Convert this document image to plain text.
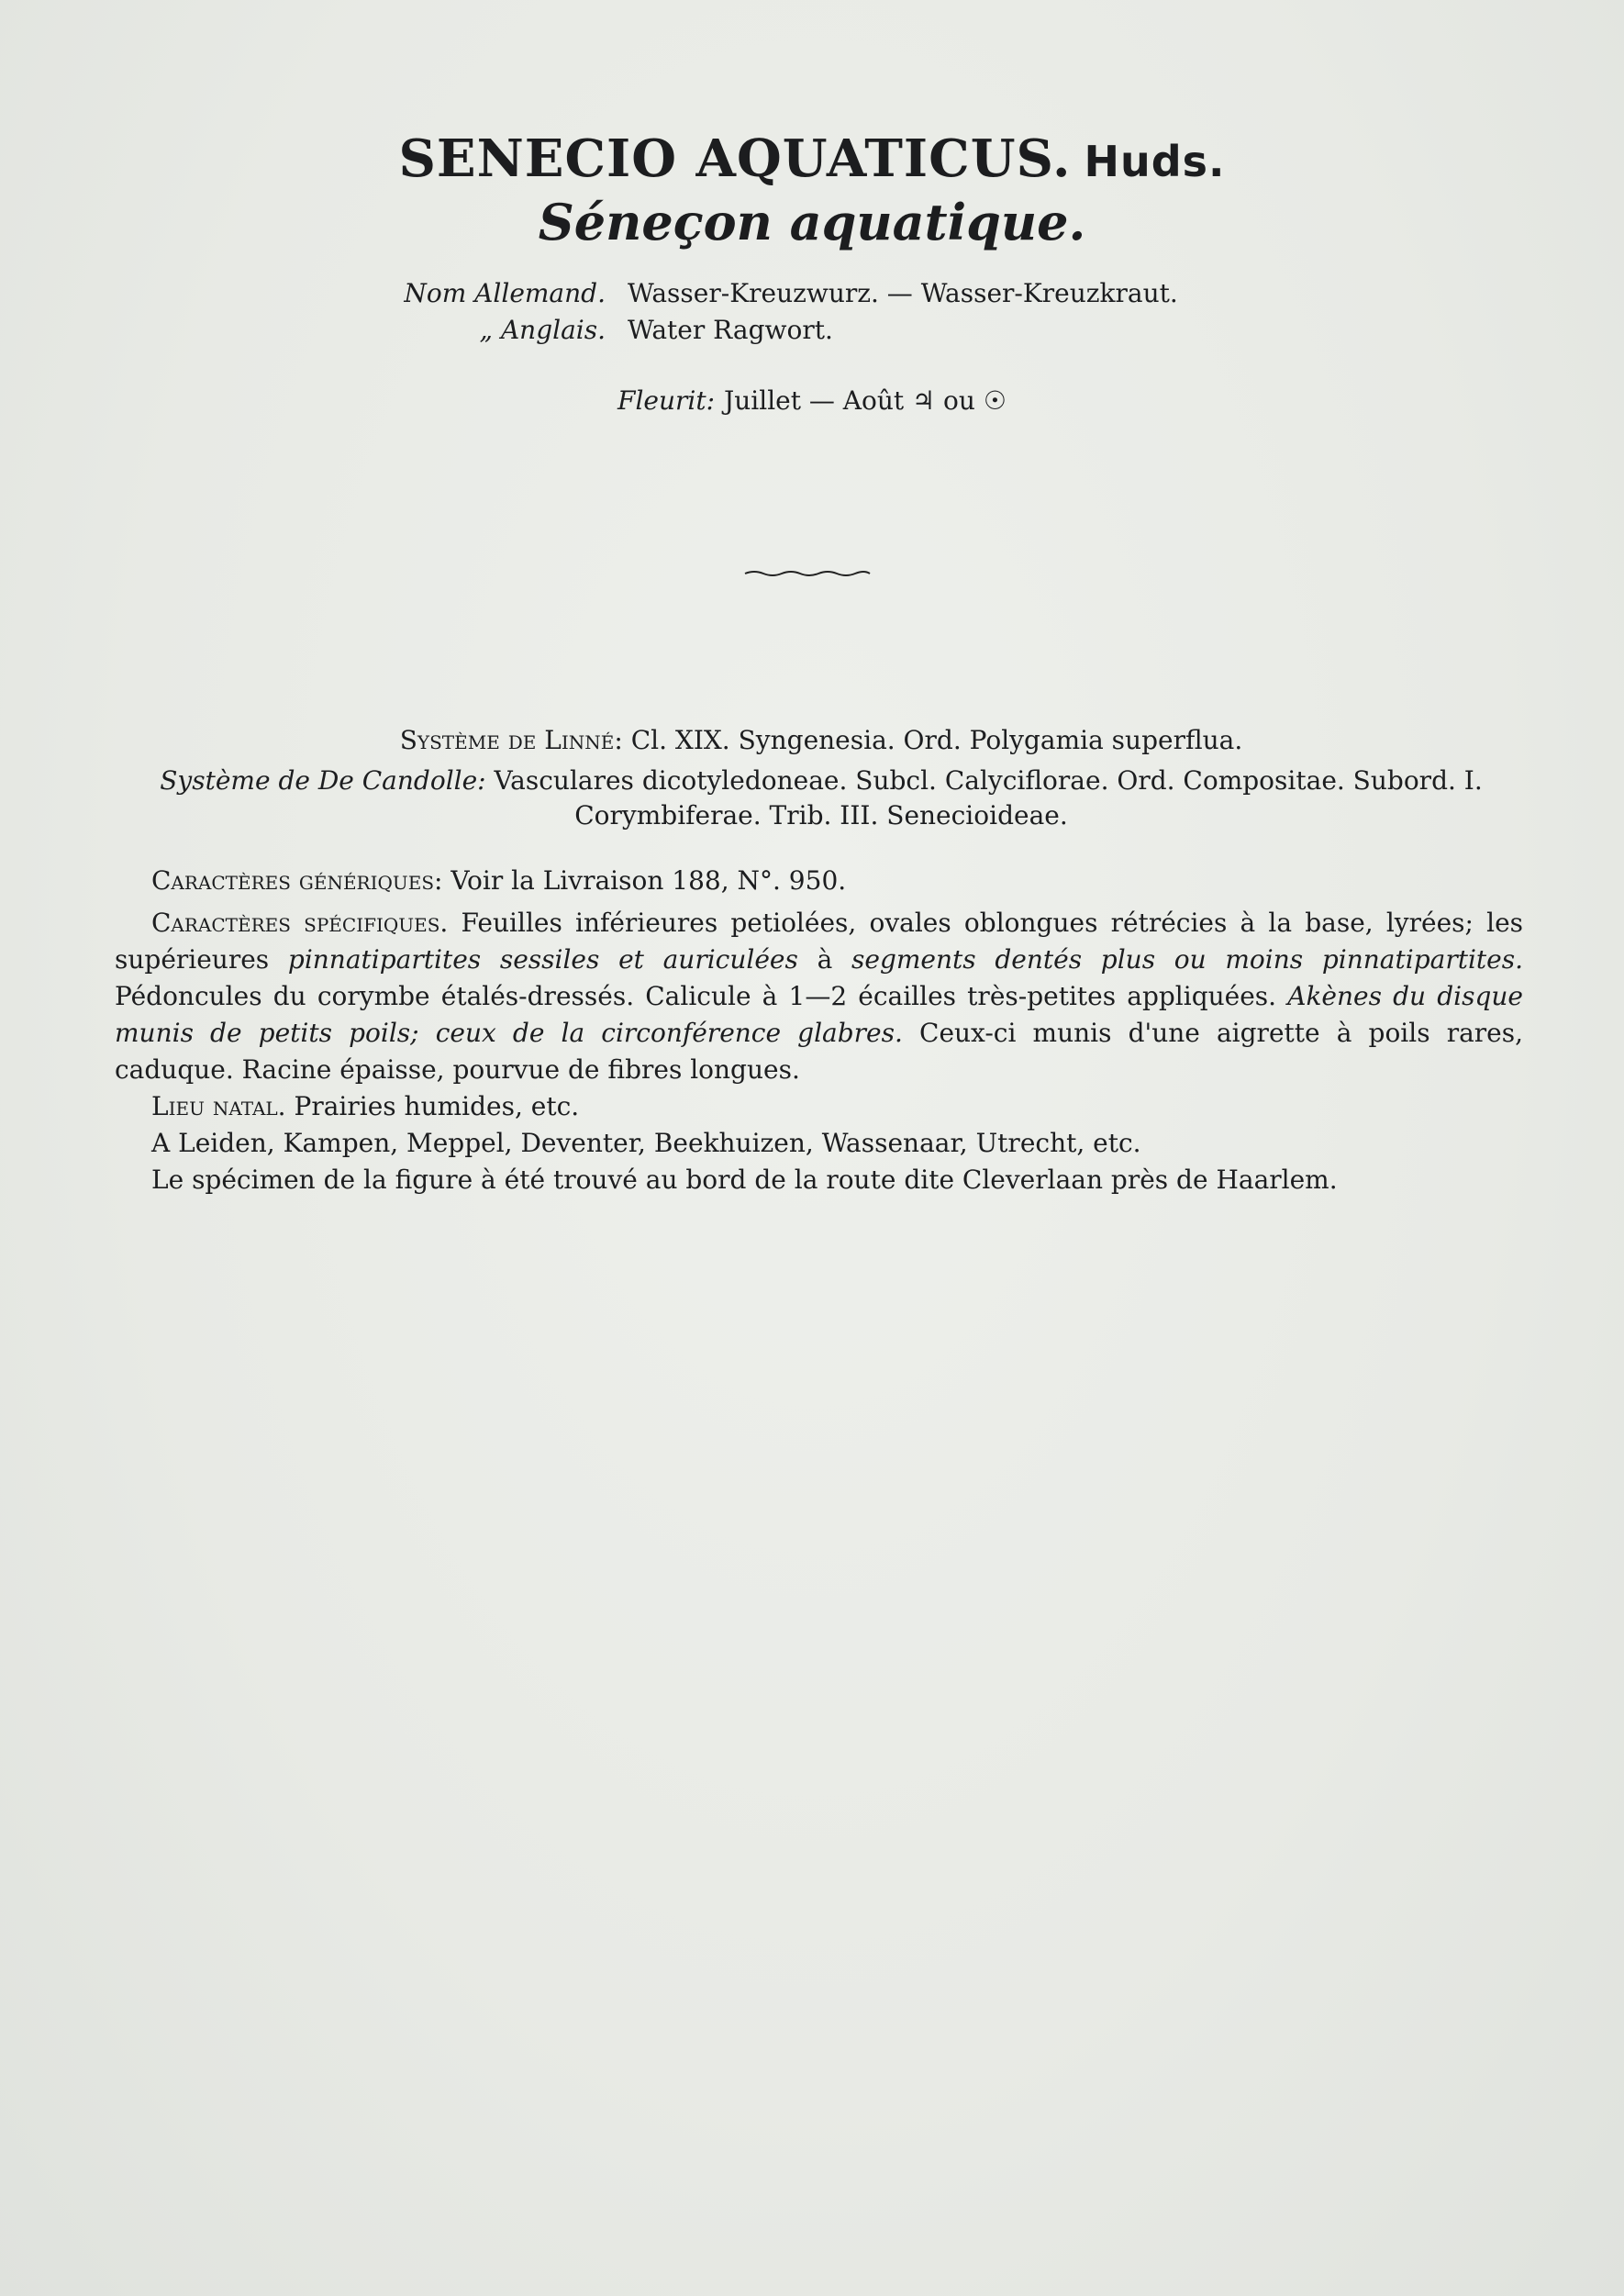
SENECIO AQUATICUS. Huds.
Séneçon aquatique.
Nom Allemand. Wasser-Kreuzwurz. — Wasser-Kreuzkraut.
„ Anglais. Water Ragwort.
Fleurit: Juillet — Août ♃ ou ☉
Système de Linné: Cl. XIX. Syngenesia. Ord. Polygamia superflua.
Système de De Candolle: Vasculares dicotyledoneae. Subcl. Calyciflorae. Ord. Compositae. Subord. I. Corymbiferae. Trib. III. Senecioideae.

Caractères génériques: Voir la Livraison 188, N°. 950.

Caractères spécifiques. Feuilles inférieures petiolées, ovales oblongues rétrécies à la base, lyrées; les supérieures pinnatipartites sessiles et auriculées à segments dentés plus ou moins pinnatipartites. Pédoncules du corymbe étalés-dressés. Calicule à 1—2 écailles très-petites appliquées. Akènes du disque munis de petits poils; ceux de la circonférence glabres. Ceux-ci munis d'une aigrette à poils rares, caduque. Racine épaisse, pourvue de fibres longues.

Lieu natal. Prairies humides, etc.

A Leiden, Kampen, Meppel, Deventer, Beekhuizen, Wassenaar, Utrecht, etc.

Le spécimen de la figure à été trouvé au bord de la route dite Cleverlaan près de Haarlem.
